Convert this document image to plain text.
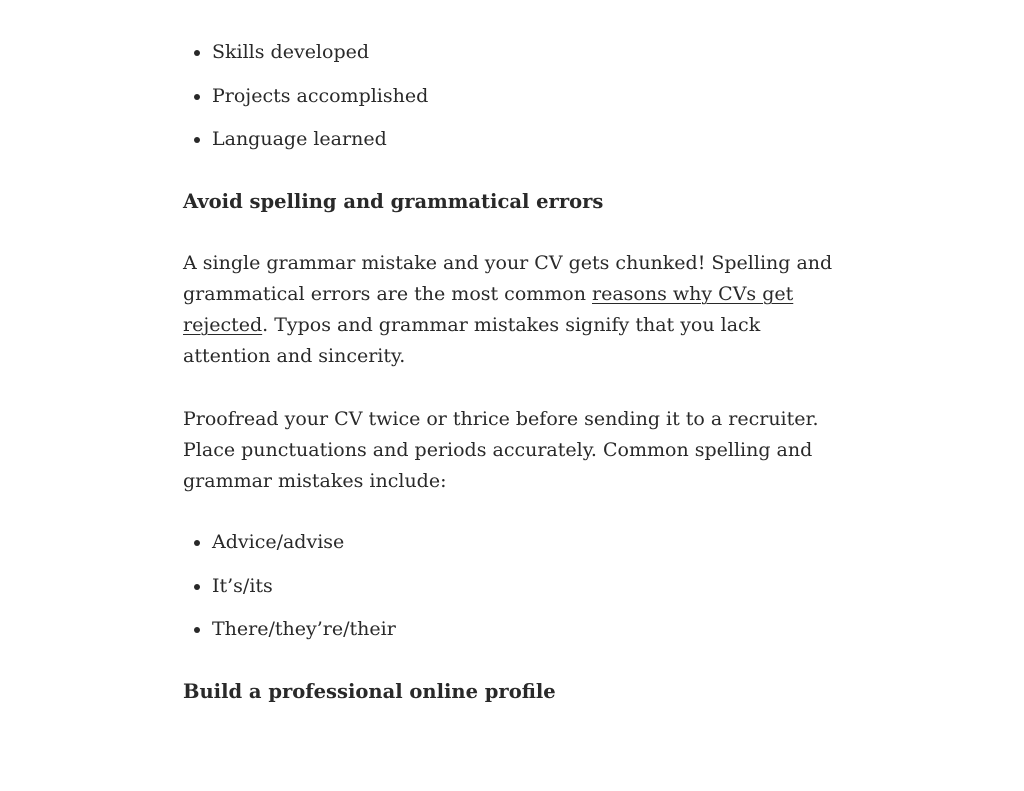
• Skills developed
• Projects accomplished
• Language learned
Avoid spelling and grammatical errors

A single grammar mistake and your CV gets chunked! Spelling and grammatical errors are the most common reasons why CVs get rejected. Typos and grammar mistakes signify that you lack attention and sincerity.

Proofread your CV twice or thrice before sending it to a recruiter. Place punctuations and periods accurately. Common spelling and grammar mistakes include:

• Advice/advise
• It’s/its
• There/they’re/their
Build a professional online profile
